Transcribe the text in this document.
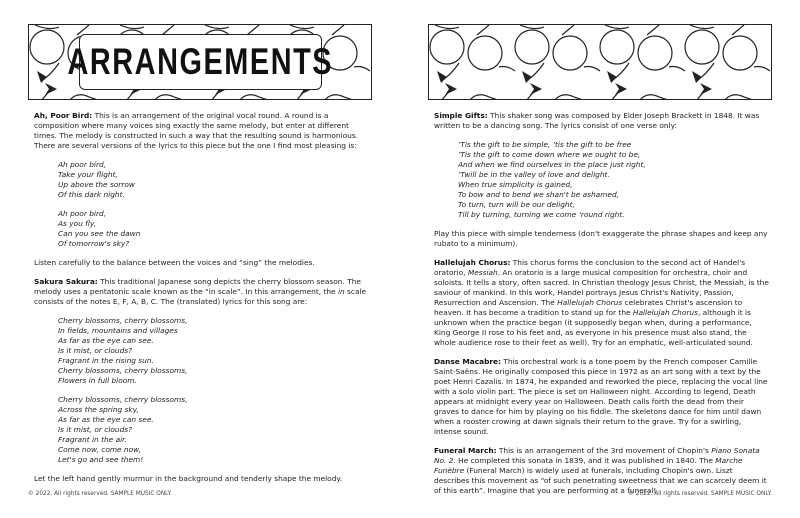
ARRANGEMENTS

Ah, Poor Bird: This is an arrangement of the original vocal round. A round is a composition where many voices sing exactly the same melody, but enter at different times. The melody is constructed in such a way that the resulting sound is harmonious. There are several versions of the lyrics to this piece but the one I find most pleasing is:

Ah poor bird,
Take your flight,
Up above the sorrow
Of this dark night.
Ah poor bird,
As you fly,
Can you see the dawn
Of tomorrow's sky?

Listen carefully to the balance between the voices and “sing” the melodies.

Sakura Sakura: This traditional Japanese song depicts the cherry blossom season. The melody uses a pentatonic scale known as the “in scale”. In this arrangement, the in scale consists of the notes E, F, A, B, C. The (translated) lyrics for this song are:

Cherry blossoms, cherry blossoms,
In fields, mountains and villages
As far as the eye can see.
Is it mist, or clouds?
Fragrant in the rising sun.
Cherry blossoms, cherry blossoms,
Flowers in full bloom.
Cherry blossoms, cherry blossoms,
Across the spring sky,
As far as the eye can see.
Is it mist, or clouds?
Fragrant in the air.
Come now, come now,
Let's go and see them!

Let the left hand gently murmur in the background and tenderly shape the melody.

© 2022. All rights reserved. SAMPLE MUSIC ONLY.

Simple Gifts: This shaker song was composed by Elder Joseph Brackett in 1848. It was written to be a dancing song. The lyrics consist of one verse only:

’Tis the gift to be simple, ’tis the gift to be free
’Tis the gift to come down where we ought to be,
And when we find ourselves in the place just right,
’Twill be in the valley of love and delight.
When true simplicity is gained,
To bow and to bend we shan't be ashamed,
To turn, turn will be our delight,
Till by turning, turning we come ’round right.

Play this piece with simple tenderness (don't exaggerate the phrase shapes and keep any rubato to a minimum).

Hallelujah Chorus: This chorus forms the conclusion to the second act of Handel's oratorio, Messiah. An oratorio is a large musical composition for orchestra, choir and soloists. It tells a story, often sacred. In Christian theology Jesus Christ, the Messiah, is the saviour of mankind. In this work, Handel portrays Jesus Christ's Nativity, Passion, Resurrection and Ascension. The Hallelujah Chorus celebrates Christ's ascension to heaven. It has become a tradition to stand up for the Hallelujah Chorus, although it is unknown when the practice began (it supposedly began when, during a performance, King George II rose to his feet and, as everyone in his presence must also stand, the whole audience rose to their feet as well). Try for an emphatic, well-articulated sound.

Danse Macabre: This orchestral work is a tone poem by the French composer Camille Saint-Saëns. He originally composed this piece in 1972 as an art song with a text by the poet Henri Cazalis. In 1874, he expanded and reworked the piece, replacing the vocal line with a solo violin part. The piece is set on Halloween night. According to legend, Death appears at midnight every year on Halloween. Death calls forth the dead from their graves to dance for him by playing on his fiddle. The skeletons dance for him until dawn when a rooster crowing at dawn signals their return to the grave. Try for a swirling, intense sound.

Funeral March: This is an arrangement of the 3rd movement of Chopin's Piano Sonata No. 2. He completed this sonata in 1839, and it was published in 1840. The Marche Funèbre (Funeral March) is widely used at funerals, including Chopin's own. Liszt describes this movement as “of such penetrating sweetness that we can scarcely deem it of this earth”. Imagine that you are performing at a funeral!

© 2022. All rights reserved. SAMPLE MUSIC ONLY.
